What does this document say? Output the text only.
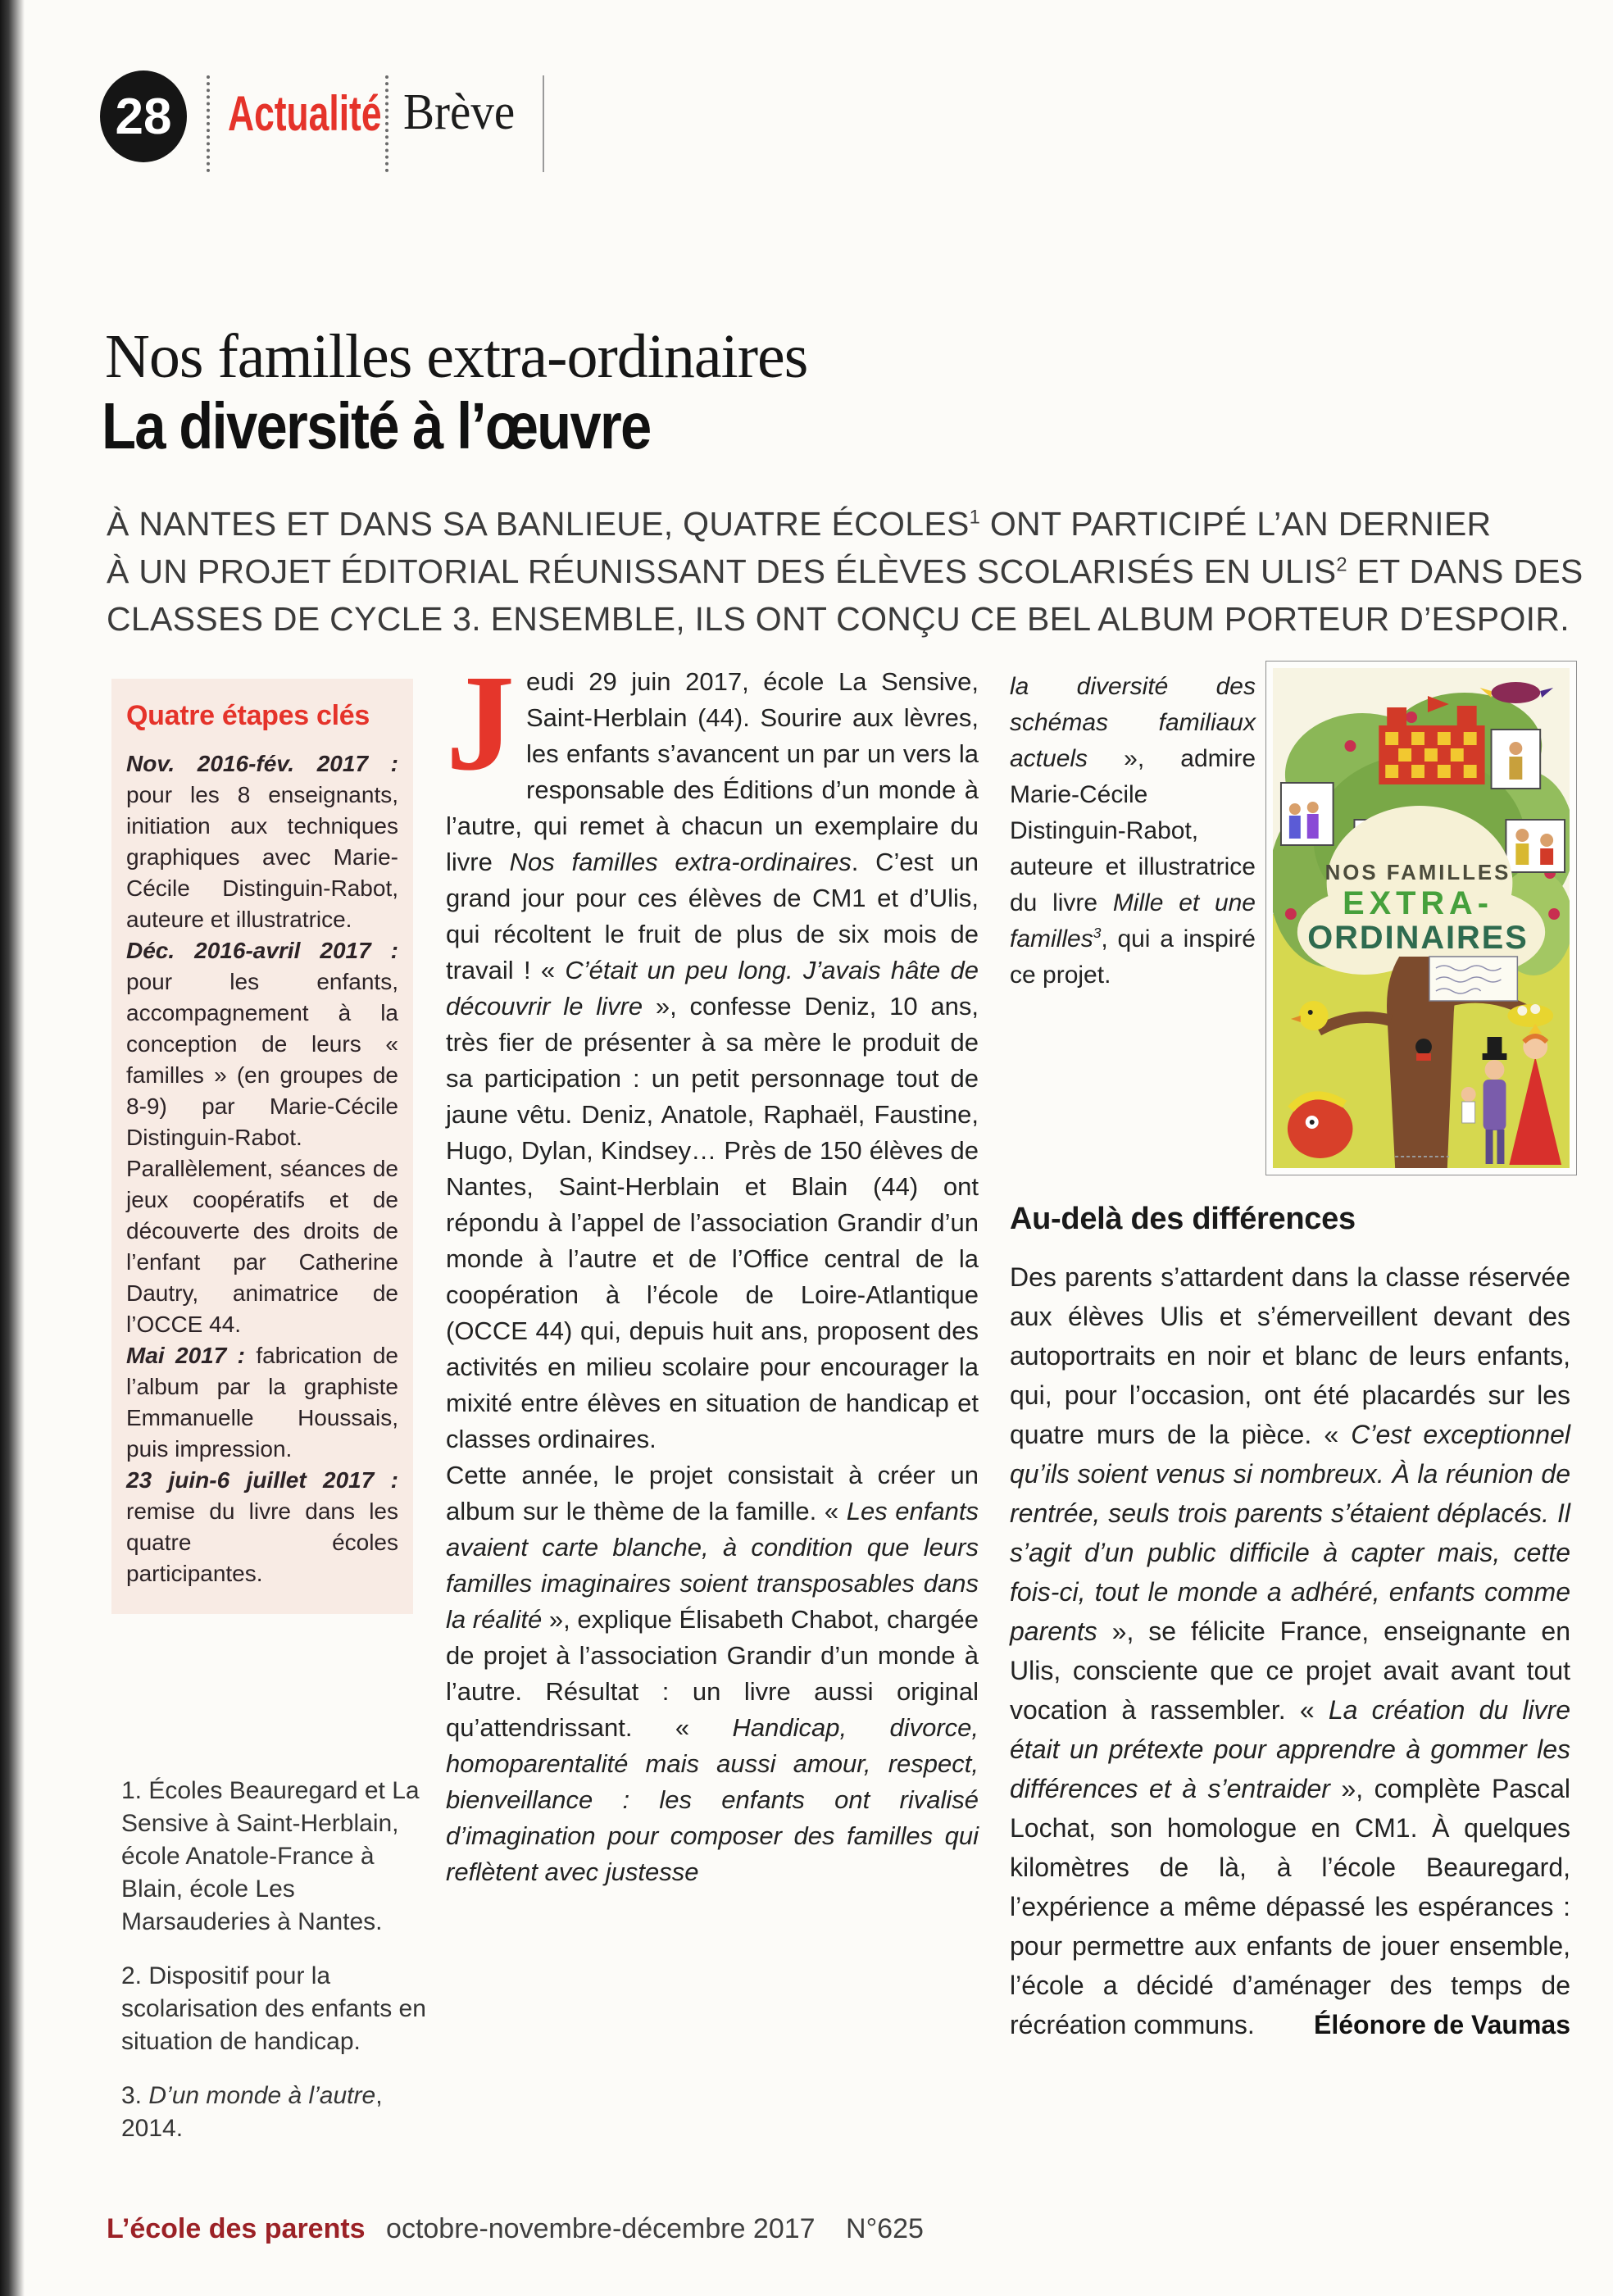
28 Actualité Brève
Nos familles extra-ordinaires
La diversité à l’œuvre
À NANTES ET DANS SA BANLIEUE, QUATRE ÉCOLES$^1$ ONT PARTICIPÉ L’AN DERNIER
À UN PROJET ÉDITORIAL RÉUNISSANT DES ÉLÈVES SCOLARISÉS EN ULIS$^2$ ET DANS DES
CLASSES DE CYCLE 3. ENSEMBLE, ILS ONT CONÇU CE BEL ALBUM PORTEUR D’ESPOIR.
Quatre étapes clés

Nov. 2016-fév. 2017 : pour les 8 enseignants, initiation aux techniques graphiques avec Marie-Cécile Distinguin-Rabot, auteure et illustratrice.

Déc. 2016-avril 2017 : pour les enfants, accompagnement à la conception de leurs « familles » (en groupes de 8-9) par Marie-Cécile Distinguin-Rabot. Parallèlement, séances de jeux coopératifs et de découverte des droits de l’enfant par Catherine Dautry, animatrice de l’OCCE 44.

Mai 2017 : fabrication de l’album par la graphiste Emmanuelle Houssais, puis impression.

23 juin-6 juillet 2017 : remise du livre dans les quatre écoles participantes.

J eudi 29 juin 2017, école La Sensive, Saint-Herblain (44). Sourire aux lèvres, les enfants s’avancent un par un vers la responsable des Éditions d’un monde à l’autre, qui remet à chacun un exemplaire du livre Nos familles extra-ordinaires. C’est un grand jour pour ces élèves de CM1 et d’Ulis, qui récoltent le fruit de plus de six mois de travail ! « C’était un peu long. J’avais hâte de découvrir le livre », confesse Deniz, 10 ans, très fier de présenter à sa mère le produit de sa participation : un petit personnage tout de jaune vêtu. Deniz, Anatole, Raphaël, Faustine, Hugo, Dylan, Kindsey… Près de 150 élèves de Nantes, Saint-Herblain et Blain (44) ont répondu à l’appel de l’association Grandir d’un monde à l’autre et de l’Office central de la coopération à l’école de Loire-Atlantique (OCCE 44) qui, depuis huit ans, proposent des activités en milieu scolaire pour encourager la mixité entre élèves en situation de handicap et classes ordinaires.

Cette année, le projet consistait à créer un album sur le thème de la famille. « Les enfants avaient carte blanche, à condition que leurs familles imaginaires soient transposables dans la réalité », explique Élisabeth Chabot, chargée de projet à l’association Grandir d’un monde à l’autre. Résultat : un livre aussi original qu’attendrissant. « Handicap, divorce, homoparentalité mais aussi amour, respect, bienveillance : les enfants ont rivalisé d’imagination pour composer des familles qui reflètent avec justesse

la diversité des schémas familiaux actuels », admire Marie-Cécile Distinguin-Rabot, auteure et illustratrice du livre Mille et une familles$^3$, qui a inspiré ce projet.

NOS FAMILLES
EXTRA-
ORDINAIRES
Au-delà des différences

Des parents s’attardent dans la classe réservée aux élèves Ulis et s’émerveillent devant des autoportraits en noir et blanc de leurs enfants, qui, pour l’occasion, ont été placardés sur les quatre murs de la pièce. « C’est exceptionnel qu’ils soient venus si nombreux. À la réunion de rentrée, seuls trois parents s’étaient déplacés. Il s’agit d’un public difficile à capter mais, cette fois-ci, tout le monde a adhéré, enfants comme parents », se félicite France, enseignante en Ulis, consciente que ce projet avait avant tout vocation à rassembler. « La création du livre était un prétexte pour apprendre à gommer les différences et à s’entraider », complète Pascal Lochat, son homologue en CM1. À quelques kilomètres de là, à l’école Beauregard, l’expérience a même dépassé les espérances : pour permettre aux enfants de jouer ensemble, l’école a décidé d’aménager des temps de récréation communs.	Éléonore de Vaumas

1. Écoles Beauregard et La Sensive à Saint-Herblain, école Anatole-France à Blain, école Les Marsauderies à Nantes.

2. Dispositif pour la scolarisation des enfants en situation de handicap.

3. D’un monde à l’autre, 2014.

L’école des parents octobre-novembre-décembre 2017 N°625
